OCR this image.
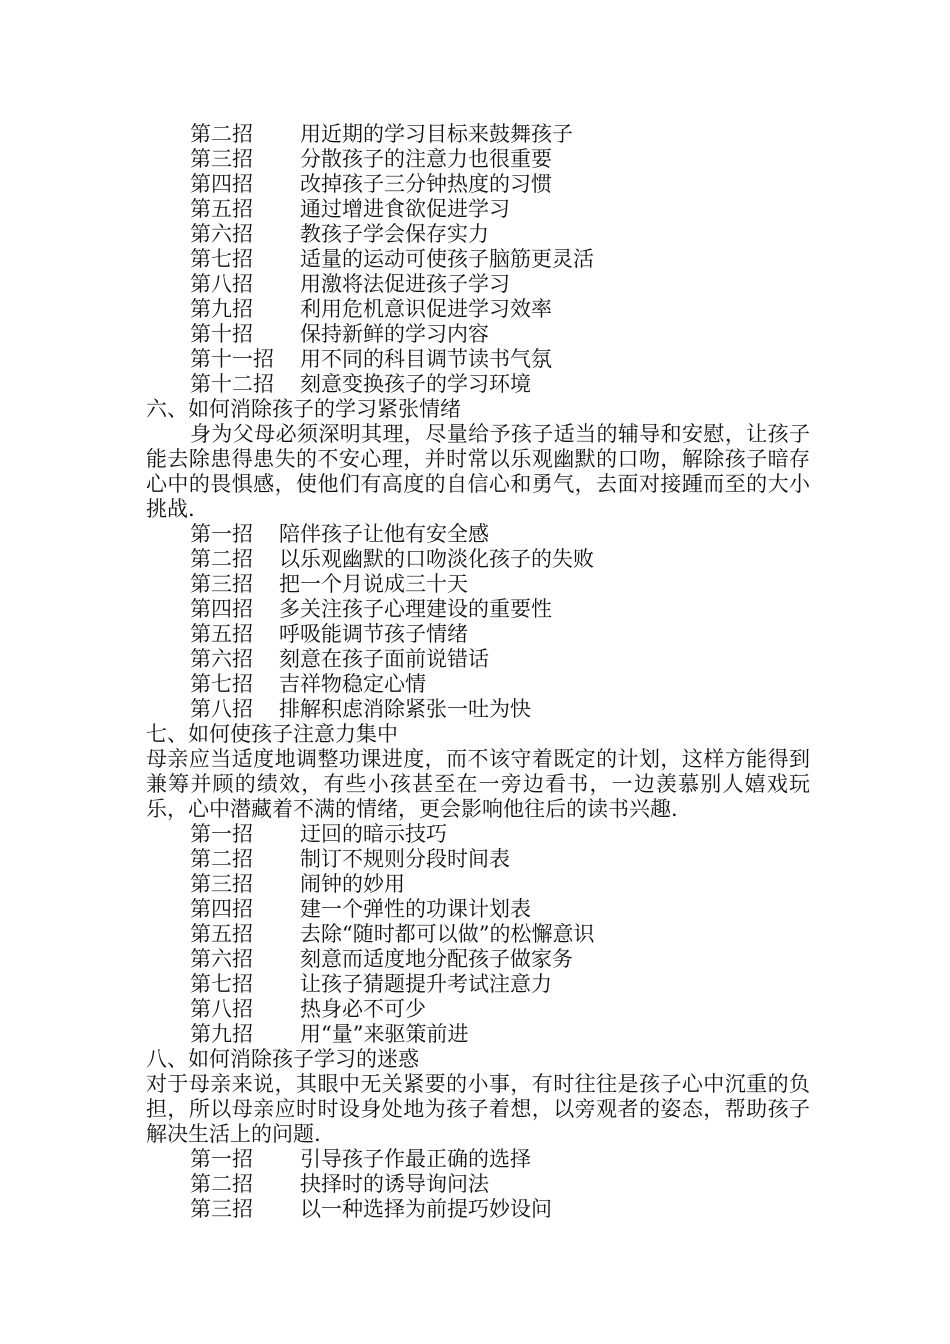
第二招	用近期的学习目标来鼓舞孩子
第三招	分散孩子的注意力也很重要
第四招	改掉孩子三分钟热度的习惯
第五招	通过增进食欲促进学习
第六招	教孩子学会保存实力
第七招	适量的运动可使孩子脑筋更灵活
第八招	用激将法促进孩子学习
第九招	利用危机意识促进学习效率
第十招	保持新鲜的学习内容
第十一招	用不同的科目调节读书气氛
第十二招	刻意变换孩子的学习环境
六、如何消除孩子的学习紧张情绪
身为父母必须深明其理，尽量给予孩子适当的辅导和安慰，让孩子能去除患得患失的不安心理，并时常以乐观幽默的口吻，解除孩子暗存心中的畏惧感，使他们有高度的自信心和勇气，去面对接踵而至的大小挑战.
第一招	陪伴孩子让他有安全感
第二招	以乐观幽默的口吻淡化孩子的失败
第三招	把一个月说成三十天
第四招	多关注孩子心理建设的重要性
第五招	呼吸能调节孩子情绪
第六招	刻意在孩子面前说错话
第七招	吉祥物稳定心情
第八招	排解积虑消除紧张一吐为快
七、如何使孩子注意力集中
母亲应当适度地调整功课进度，而不该守着既定的计划，这样方能得到兼筹并顾的绩效，有些小孩甚至在一旁边看书，一边羡慕别人嬉戏玩乐，心中潜藏着不满的情绪，更会影响他往后的读书兴趣.
第一招	迂回的暗示技巧
第二招	制订不规则分段时间表
第三招	闹钟的妙用
第四招	建一个弹性的功课计划表
第五招	去除“随时都可以做”的松懈意识
第六招	刻意而适度地分配孩子做家务
第七招	让孩子猜题提升考试注意力
第八招	热身必不可少
第九招	用“量”来驱策前进
八、如何消除孩子学习的迷惑
对于母亲来说，其眼中无关紧要的小事，有时往往是孩子心中沉重的负担，所以母亲应时时设身处地为孩子着想，以旁观者的姿态，帮助孩子解决生活上的问题.
第一招	引导孩子作最正确的选择
第二招	抉择时的诱导询问法
第三招	以一种选择为前提巧妙设问
